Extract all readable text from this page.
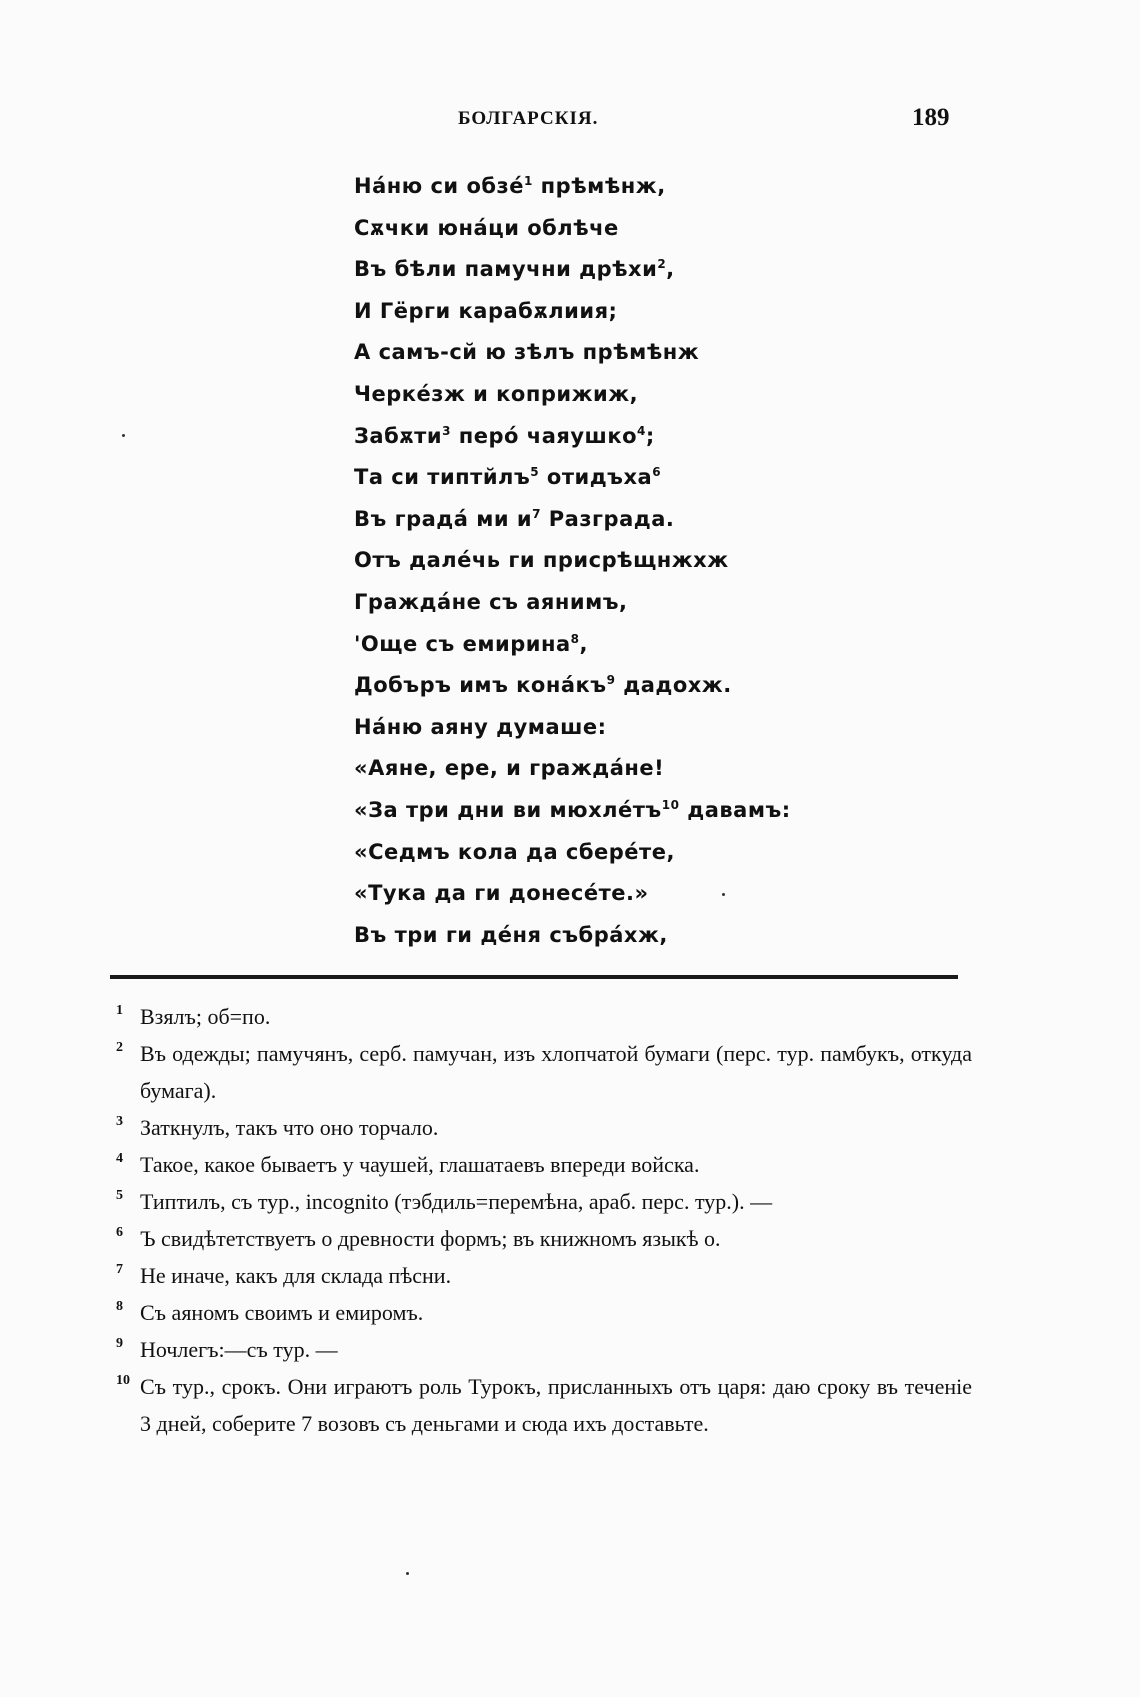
БОЛГАРСКІЯ.	189
Нáню си обзé$^1$ прѣмѣнж,
Сѫчки юнáци облѣче
Въ бѣли памучни дрѣхи$^2$,
И Гёрги карабѫлиия;
А самъ-сй ю зѣлъ прѣмѣнж
Чеpкéзж и коприжиж,
Забѫти$^3$ перó чаяушко$^4$;
Та си типтйлъ$^5$ отидъха$^6$
Въ градá ми $и^7$ Разграда.
Отъ далéчь ги присрѣщнжхж
Граждáне съ аянимъ,
'Още съ емирина$^8$,
Добъръ имъ $кона́къ^9$ дадохж.
Нáню аяну думаше:
«Аяне, ере, и граждáне!
«За три дни ви мюхлéтъ$^{10}$ давамъ:
«Седмъ кола да сберéте,
«Тука да ги донесéте.»
Въ три ги дéня събрáхж,
1 Взялъ; об=по.
2 Въ одежды; памучянъ, серб. памучан, изъ хлопчатой бумаги (перс. тур. памбукъ, откуда бумага).
3 Заткнулъ, такъ что оно торчало.
4 Такое, какое бываетъ у чаушей, глашатаевъ впереди войска.
5 Типтилъ, съ тур., incognito (тэбдиль=перемѣна, араб. перс. тур.). —
6 Ъ свидѣтетствуетъ о древности формъ; въ книжномъ языкѣ о.
7 Не иначе, какъ для склада пѣсни.
8 Съ аяномъ своимъ и емиромъ.
9 Ночлегъ:—съ тур. —
10 Съ тур., срокъ. Они играютъ роль Турокъ, присланныхъ отъ царя: даю сроку въ теченіе 3 дней, соберите 7 возовъ съ деньгами и сюда ихъ доставьте.
